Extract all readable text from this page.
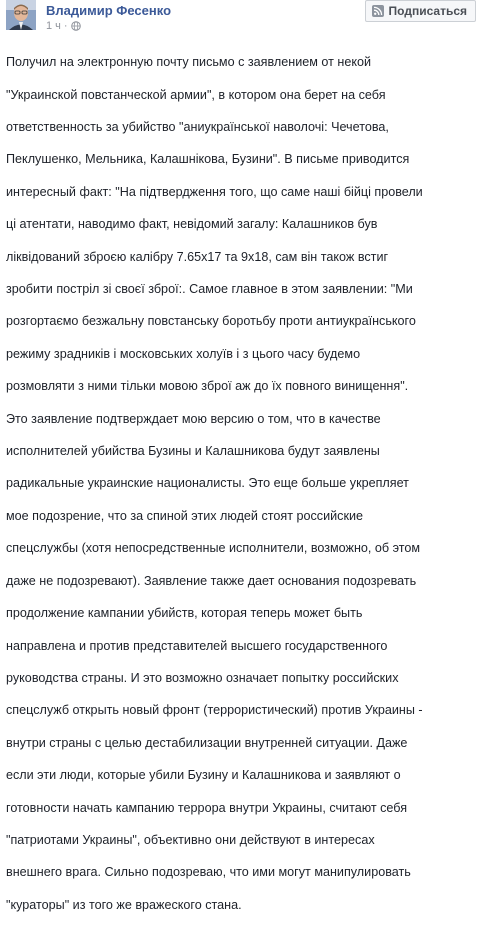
Владимир Фесенко
1 ч ·
Подписаться

Получил на электронную почту письмо с заявлением от некой

"Украинской повстанческой армии", в котором она берет на себя

ответственность за убийство "аниукраїнської наволочі: Чечетова,

Пеклушенко, Мельника, Калашнікова, Бузини". В письме приводится

интересный факт: "На підтвердження того, що саме наші бійці провели

ці атентати, наводимо факт, невідомий загалу: Калашников був

ліквідований зброєю калібру 7.65х17 та 9х18, сам він також встиг

зробити постріл зі своєї зброї:. Самое главное в этом заявлении: "Ми

розгортаємо безжальну повстанську боротьбу проти антиукраїнського

режиму зрадників і московських холуїв і з цього часу будемо

розмовляти з ними тільки мовою зброї аж до їх повного винищення".

Это заявление подтверждает мою версию о том, что в качестве

исполнителей убийства Бузины и Калашникова будут заявлены

радикальные украинские националисты. Это еще больше укрепляет

мое подозрение, что за спиной этих людей стоят российские

спецслужбы (хотя непосредственные исполнители, возможно, об этом

даже не подозревают). Заявление также дает основания подозревать

продолжение кампании убийств, которая теперь может быть

направлена и против представителей высшего государственного

руководства страны. И это возможно означает попытку российских

спецслужб открыть новый фронт (террористический) против Украины -

внутри страны с целью дестабилизации внутренней ситуации. Даже

если эти люди, которые убили Бузину и Калашникова и заявляют о

готовности начать кампанию террора внутри Украины, считают себя

"патриотами Украины", объективно они действуют в интересах

внешнего врага. Сильно подозреваю, что ими могут манипулировать

"кураторы" из того же вражеского стана.
